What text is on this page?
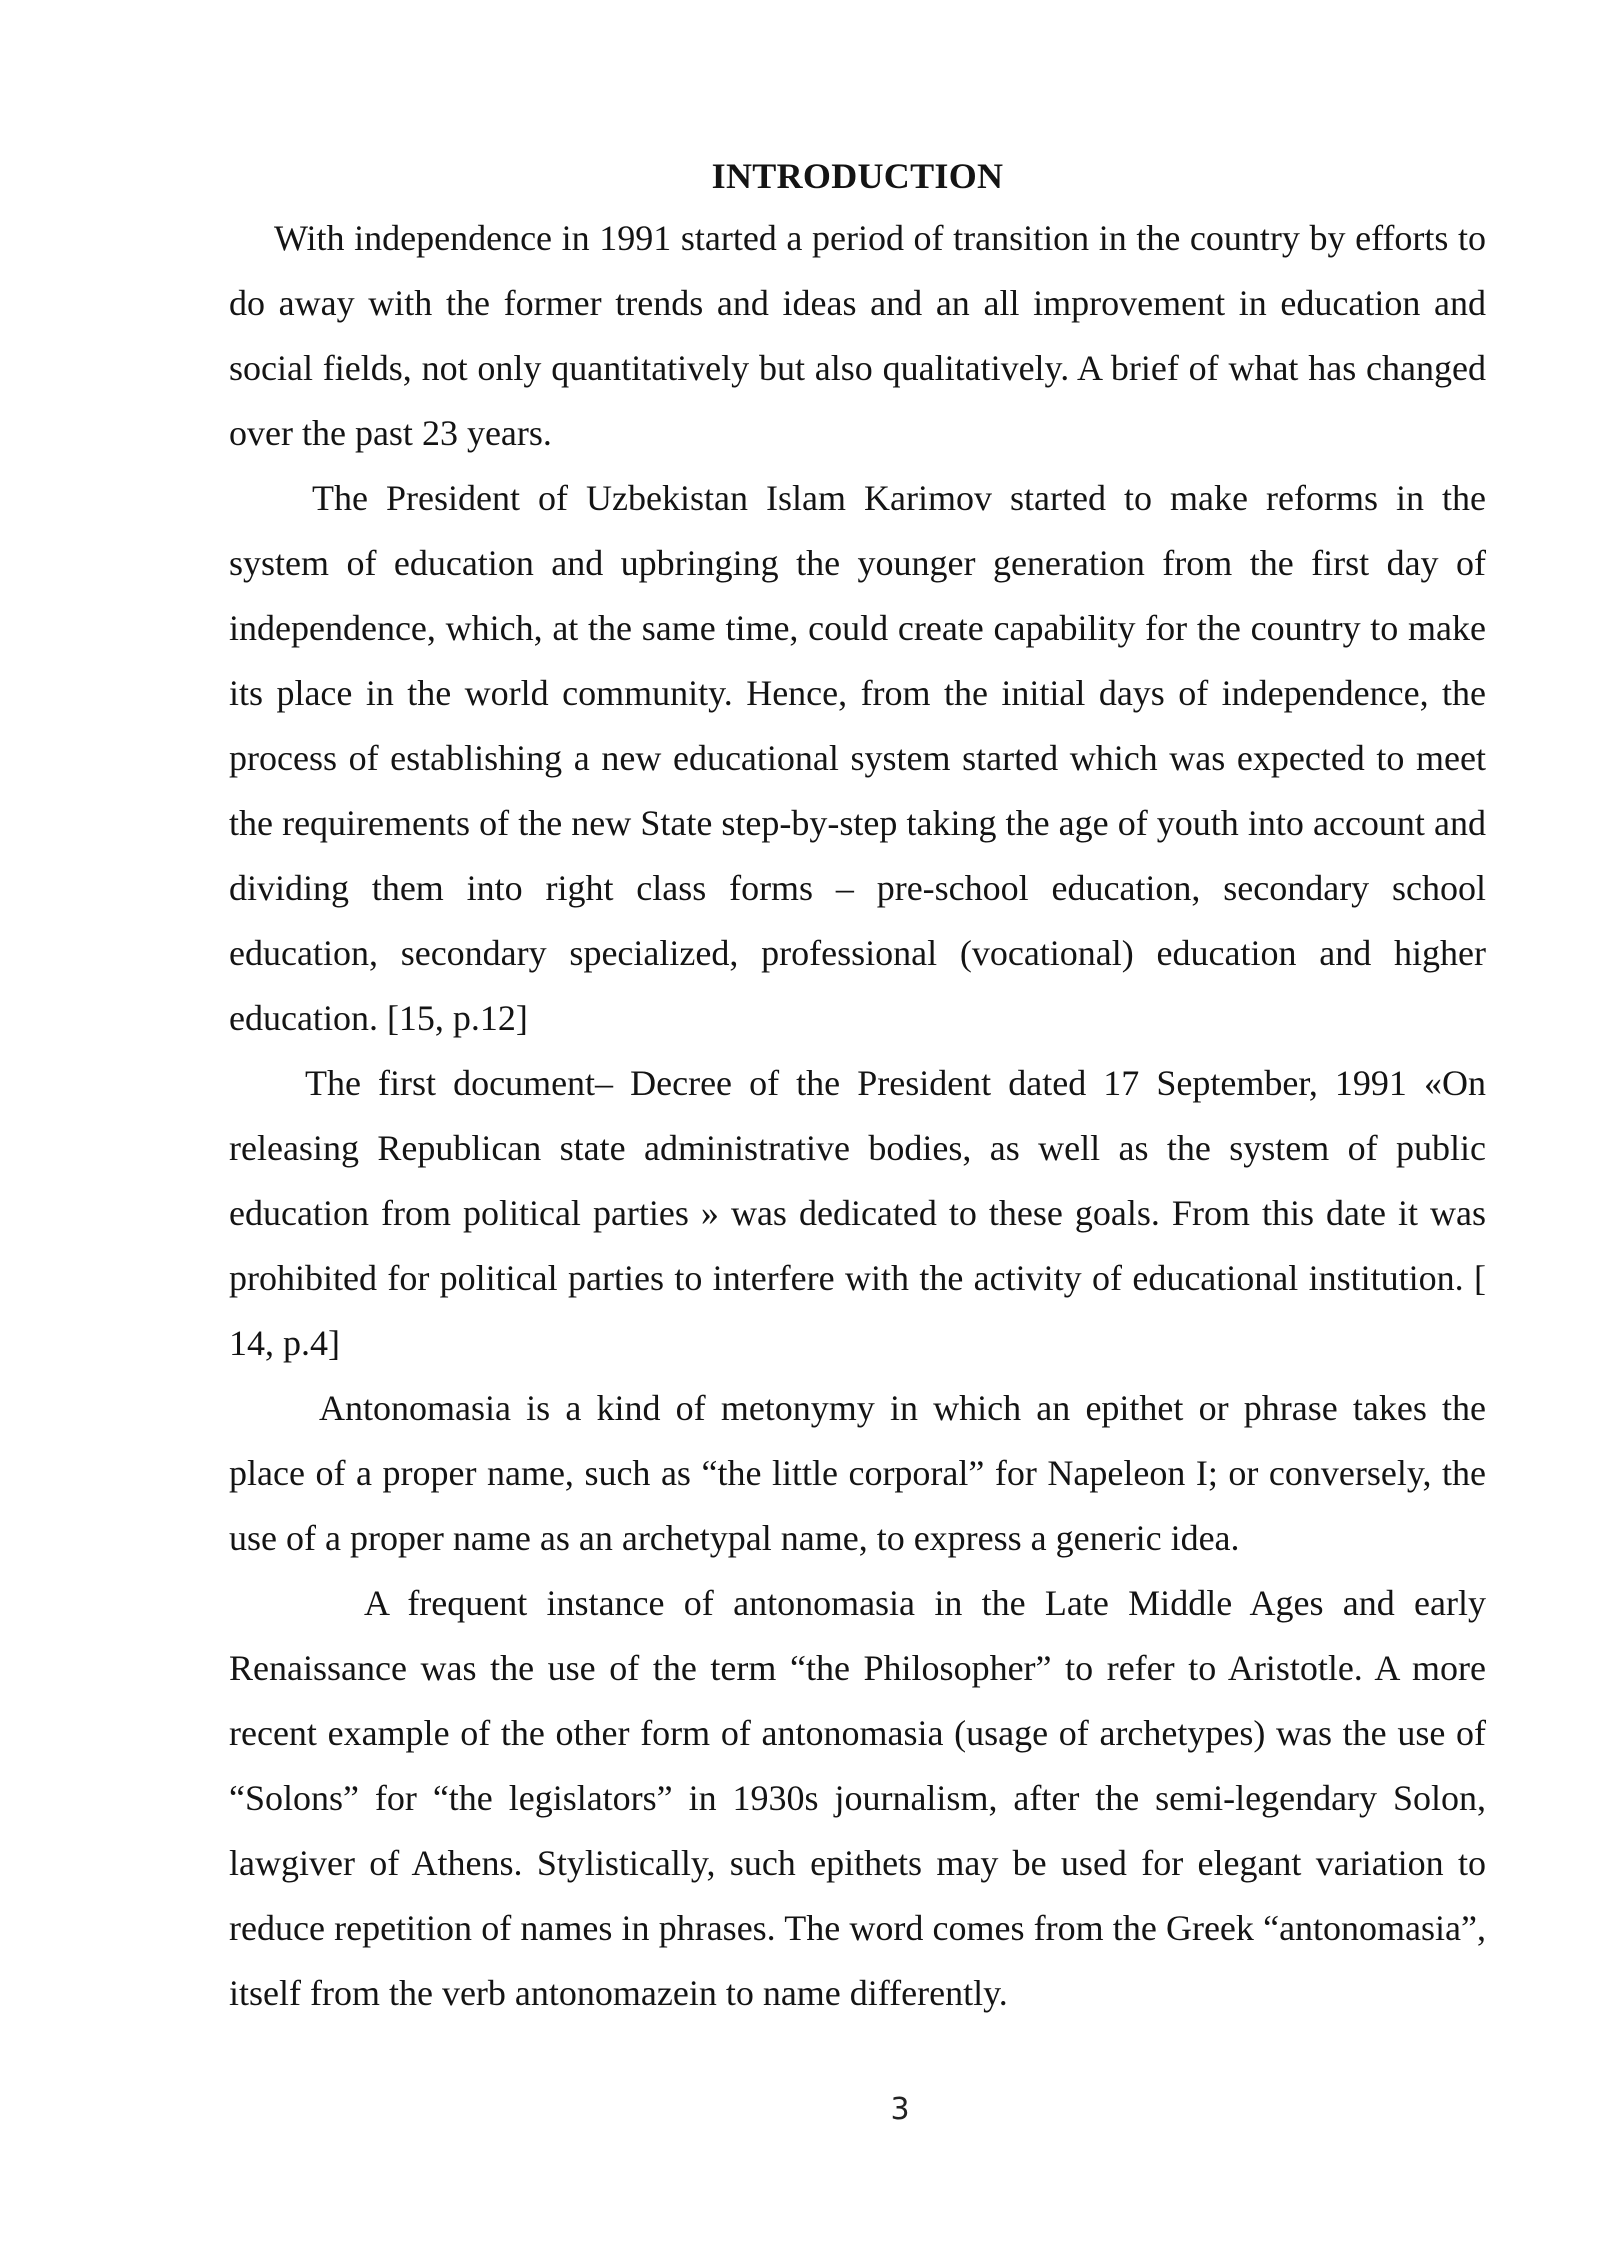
INTRODUCTION

With independence in 1991 started a period of transition in the country by efforts to do away with the former trends and ideas and an all improvement in education and social fields, not only quantitatively but also qualitatively. A brief of what has changed over the past 23 years.

The President of Uzbekistan Islam Karimov started to make reforms in the system of education and upbringing the younger generation from the first day of independence, which, at the same time, could create capability for the country to make its place in the world community. Hence, from the initial days of independence, the process of establishing a new educational system started which was expected to meet the requirements of the new State step-by-step taking the age of youth into account and dividing them into right class forms – pre-school education, secondary school education, secondary specialized, professional (vocational) education and higher education. [15, p.12]

The first document– Decree of the President dated 17 September, 1991 «On releasing Republican state administrative bodies, as well as the system of public education from political parties » was dedicated to these goals. From this date it was prohibited for political parties to interfere with the activity of educational institution. [ 14, p.4]

Antonomasia is a kind of metonymy in which an epithet or phrase takes the place of a proper name, such as “the little corporal” for Napeleon I; or conversely, the use of a proper name as an archetypal name, to express a generic idea.

A frequent instance of antonomasia in the Late Middle Ages and early Renaissance was the use of the term “the Philosopher” to refer to Aristotle. A more recent example of the other form of antonomasia (usage of archetypes) was the use of “Solons” for “the legislators” in 1930s journalism, after the semi-legendary Solon, lawgiver of Athens. Stylistically, such epithets may be used for elegant variation to reduce repetition of names in phrases. The word comes from the Greek “antonomasia”, itself from the verb antonomazein to name differently.

3
